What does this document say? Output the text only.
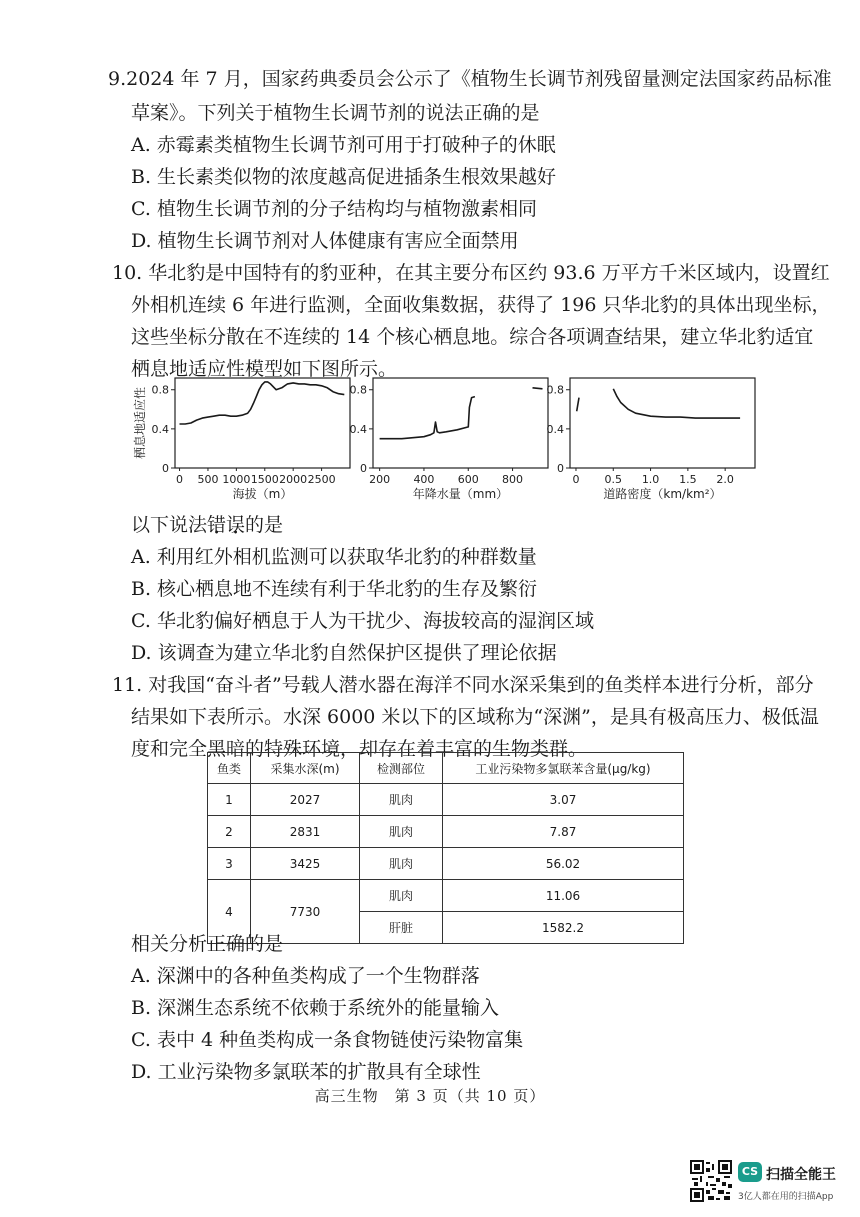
9.2024 年 7 月，国家药典委员会公示了《植物生长调节剂残留量测定法国家药品标准
草案》。下列关于植物生长调节剂的说法正确的是
A. 赤霉素类植物生长调节剂可用于打破种子的休眠
B. 生长素类似物的浓度越高促进插条生根效果越好
C. 植物生长调节剂的分子结构均与植物激素相同
D. 植物生长调节剂对人体健康有害应全面禁用
10. 华北豹是中国特有的豹亚种，在其主要分布区约 93.6 万平方千米区域内，设置红
外相机连续 6 年进行监测，全面收集数据，获得了 196 只华北豹的具体出现坐标，
这些坐标分散在不连续的 14 个核心栖息地。综合各项调查结果，建立华北豹适宜
栖息地适应性模型如下图所示。
0
0.4
0.8
0 500 1000 1500 2000 2500
海拔（m）
栖息地适应性
0
0.4
0.8
200 400 600 800
年降水量（mm）
0
0.4
0.8
0 0.5 1.0 1.5 2.0
道路密度（km/km²）
以下说法错误的是
A. 利用红外相机监测可以获取华北豹的种群数量
B. 核心栖息地不连续有利于华北豹的生存及繁衍
C. 华北豹偏好栖息于人为干扰少、海拔较高的湿润区域
D. 该调查为建立华北豹自然保护区提供了理论依据
11. 对我国“奋斗者”号载人潜水器在海洋不同水深采集到的鱼类样本进行分析，部分
结果如下表所示。水深 6000 米以下的区域称为“深渊”，是具有极高压力、极低温
度和完全黑暗的特殊环境，却存在着丰富的生物类群。
鱼类	采集水深(m)	检测部位	工业污染物多氯联苯含量(μg/kg)
1	2027	肌肉	3.07
2	2831	肌肉	7.87
3	3425	肌肉	56.02
4	7730	肌肉	11.06
		肝脏	1582.2
相关分析正确的是
A. 深渊中的各种鱼类构成了一个生物群落
B. 深渊生态系统不依赖于系统外的能量输入
C. 表中 4 种鱼类构成一条食物链使污染物富集
D. 工业污染物多氯联苯的扩散具有全球性
高三生物　第 3 页（共 10 页）
CS 扫描全能王
3亿人都在用的扫描App
